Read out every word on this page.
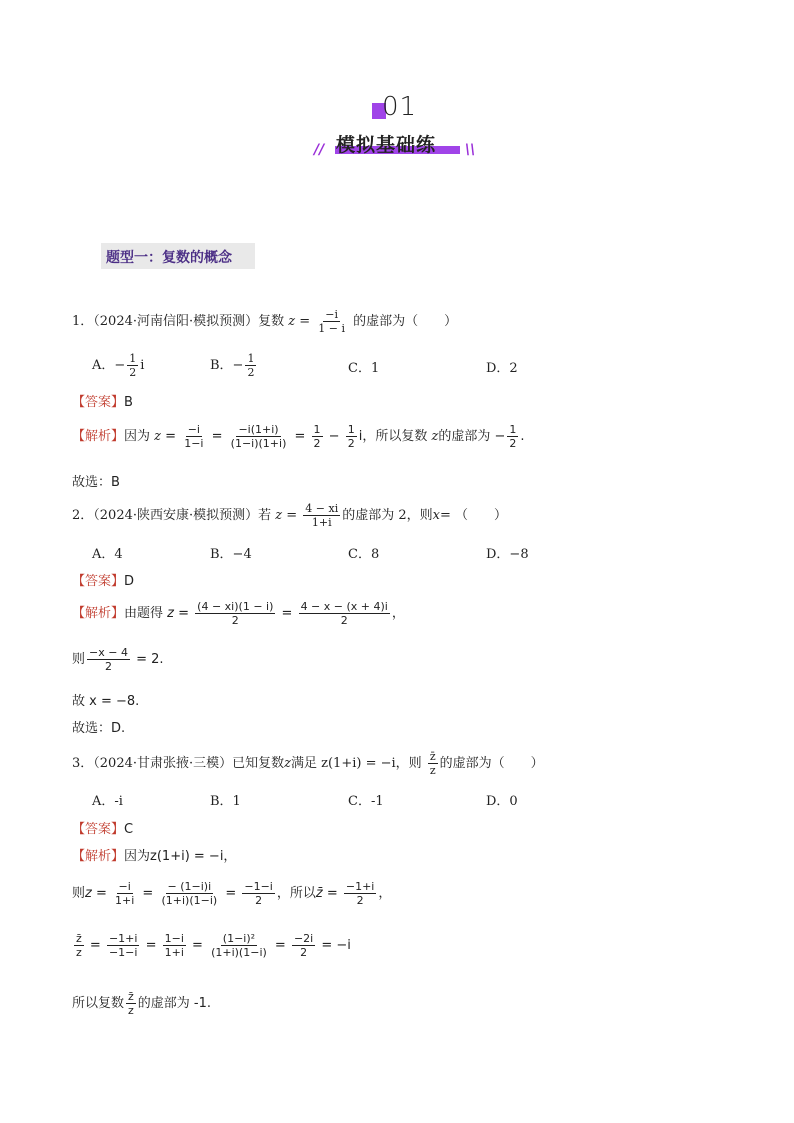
01
// 模拟基础练 \\
题型一：复数的概念
1．（2024·河南信阳·模拟预测）复数 $z = \frac{-i}{1 - i}$ 的虚部为（　　）
A．− $\frac{1}{2}$ i	B．− $\frac{1}{2}$	C．1	D．2
【答案】B
【解析】因为 $z = \frac{-i}{1-i} = \frac{-i(1+i)}{(1-i)(1+i)} = \frac{1}{2} - \frac{1}{2}$ i，所以复数 z的虚部为 − $\frac{1}{2}$ .
故选：B
2．（2024·陕西安康·模拟预测）若 $z = \frac{4 - xi}{1+i}$ 的虚部为 2，则x= （　　）
A．4	B．−4	C．8	D．−8
【答案】D
【解析】由题得 $z = \frac{(4 - xi)(1 - i)}{2} = \frac{4 - x - (x + 4)i}{2}$ ，
则 $\frac{-x - 4}{2} = 2$.
故 x = −8.
故选：D.
3．（2024·甘肃张掖·三模）已知复数z满足 z(1+i) = −i，则 $\frac{z̄}{z}$ 的虚部为（　　）
A．-i	B．1	C．-1	D．0
【答案】C
【解析】因为z(1+i) = −i，
则$z = \frac{-i}{1+i} = \frac{- (1-i)i}{(1+i)(1-i)} = \frac{-1-i}{2}$ ，所以z̄ = $\frac{-1+i}{2}$ ，
$\frac{z̄}{z} = \frac{-1+i}{-1-i} = \frac{1-i}{1+i} = \frac{\text{(1−i)²}}{(1+i)(1-i)} = \frac{-2i}{2} = -i$
所以复数 $\frac{z̄}{z}$ 的虚部为 -1.
